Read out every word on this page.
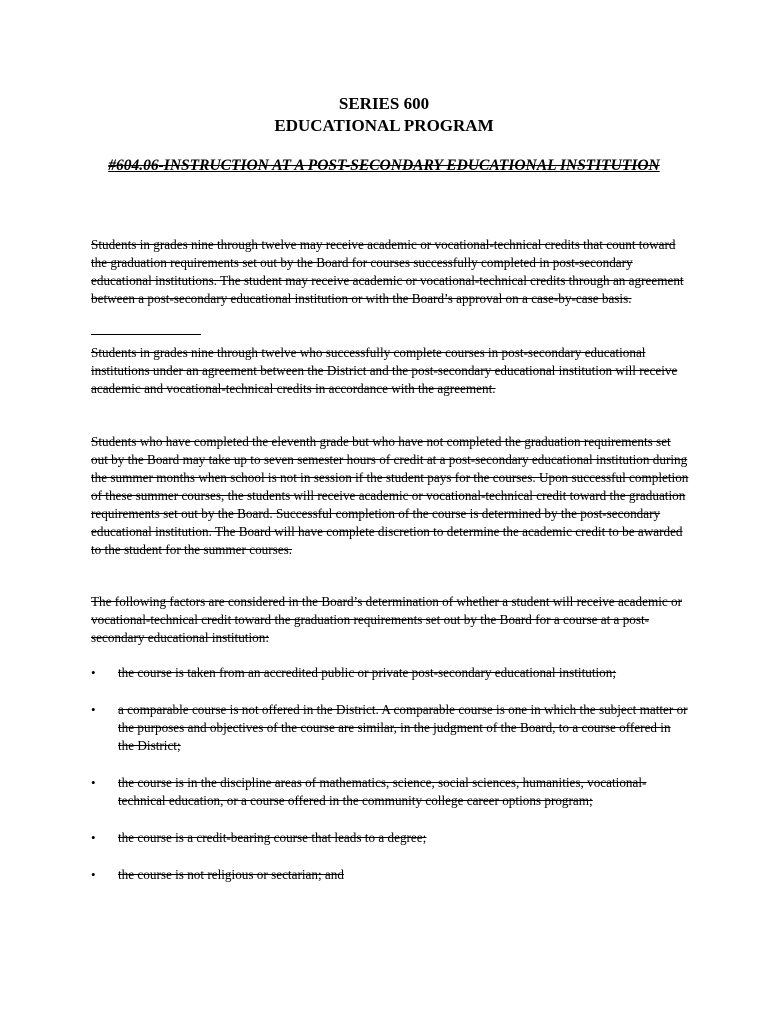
SERIES 600
EDUCATIONAL PROGRAM
#604.06-INSTRUCTION AT A POST-SECONDARY EDUCATIONAL INSTITUTION

Students in grades nine through twelve may receive academic or vocational-technical credits that count toward the graduation requirements set out by the Board for courses successfully completed in post-secondary educational institutions. The student may receive academic or vocational-technical credits through an agreement between a post-secondary educational institution or with the Board’s approval on a case-by-case basis.

Students in grades nine through twelve who successfully complete courses in post-secondary educational institutions under an agreement between the District and the post-secondary educational institution will receive academic and vocational-technical credits in accordance with the agreement.

Students who have completed the eleventh grade but who have not completed the graduation requirements set out by the Board may take up to seven semester hours of credit at a post-secondary educational institution during the summer months when school is not in session if the student pays for the courses. Upon successful completion of these summer courses, the students will receive academic or vocational-technical credit toward the graduation requirements set out by the Board. Successful completion of the course is determined by the post-secondary educational institution. The Board will have complete discretion to determine the academic credit to be awarded to the student for the summer courses.

The following factors are considered in the Board’s determination of whether a student will receive academic or vocational-technical credit toward the graduation requirements set out by the Board for a course at a post-secondary educational institution:

•	the course is taken from an accredited public or private post-secondary educational institution;
•	a comparable course is not offered in the District. A comparable course is one in which the subject matter or the purposes and objectives of the course are similar, in the judgment of the Board, to a course offered in the District;
•	the course is in the discipline areas of mathematics, science, social sciences, humanities, vocational-technical education, or a course offered in the community college career options program;
•	the course is a credit-bearing course that leads to a degree;
•	the course is not religious or sectarian; and
